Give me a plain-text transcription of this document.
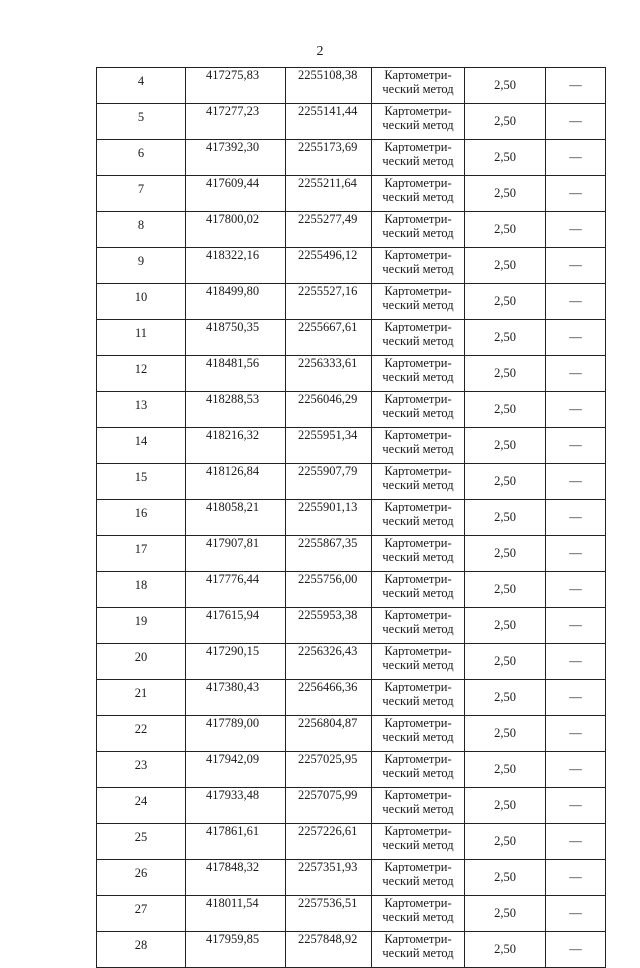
2
4	417275,83	2255108,38	Картометри-
ческий метод	2,50	—
5	417277,23	2255141,44	Картометри-
ческий метод	2,50	—
6	417392,30	2255173,69	Картометри-
ческий метод	2,50	—
7	417609,44	2255211,64	Картометри-
ческий метод	2,50	—
8	417800,02	2255277,49	Картометри-
ческий метод	2,50	—
9	418322,16	2255496,12	Картометри-
ческий метод	2,50	—
10	418499,80	2255527,16	Картометри-
ческий метод	2,50	—
11	418750,35	2255667,61	Картометри-
ческий метод	2,50	—
12	418481,56	2256333,61	Картометри-
ческий метод	2,50	—
13	418288,53	2256046,29	Картометри-
ческий метод	2,50	—
14	418216,32	2255951,34	Картометри-
ческий метод	2,50	—
15	418126,84	2255907,79	Картометри-
ческий метод	2,50	—
16	418058,21	2255901,13	Картометри-
ческий метод	2,50	—
17	417907,81	2255867,35	Картометри-
ческий метод	2,50	—
18	417776,44	2255756,00	Картометри-
ческий метод	2,50	—
19	417615,94	2255953,38	Картометри-
ческий метод	2,50	—
20	417290,15	2256326,43	Картометри-
ческий метод	2,50	—
21	417380,43	2256466,36	Картометри-
ческий метод	2,50	—
22	417789,00	2256804,87	Картометри-
ческий метод	2,50	—
23	417942,09	2257025,95	Картометри-
ческий метод	2,50	—
24	417933,48	2257075,99	Картометри-
ческий метод	2,50	—
25	417861,61	2257226,61	Картометри-
ческий метод	2,50	—
26	417848,32	2257351,93	Картометри-
ческий метод	2,50	—
27	418011,54	2257536,51	Картометри-
ческий метод	2,50	—
28	417959,85	2257848,92	Картометри-
ческий метод	2,50	—
